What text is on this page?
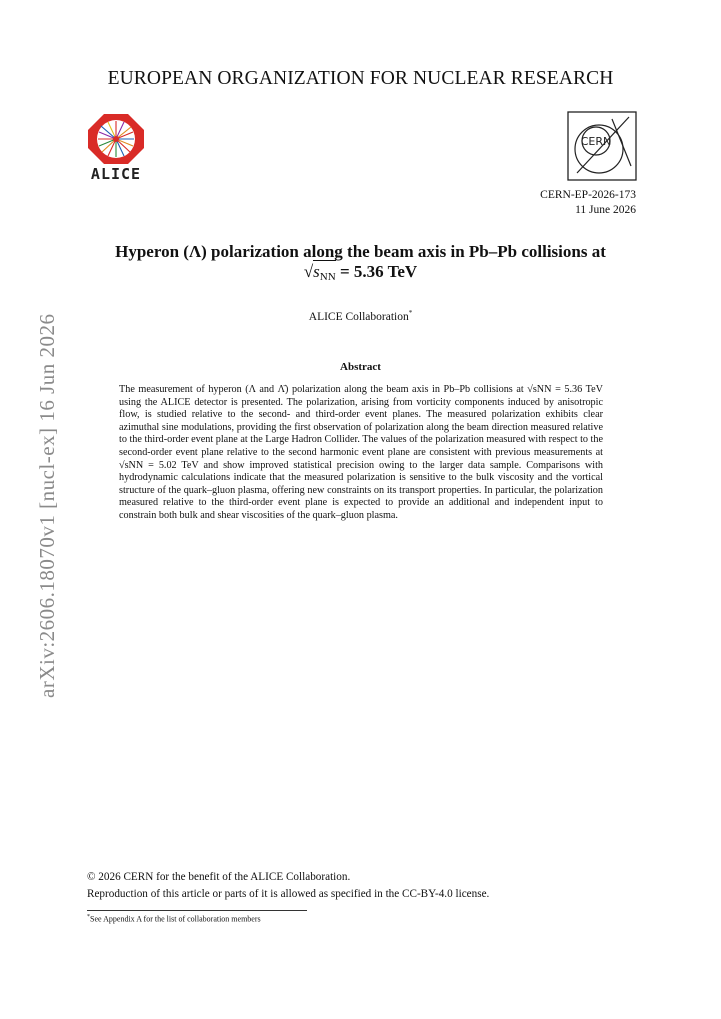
EUROPEAN ORGANIZATION FOR NUCLEAR RESEARCH
ALICE
CERN
CERN-EP-2026-173
11 June 2026
Hyperon (Λ) polarization along the beam axis in Pb–Pb collisions at
$√s_{NN} = 5.36$ TeV
ALICE Collaboration*
Abstract

The measurement of hyperon (Λ and Λ̄) polarization along the beam axis in Pb–Pb collisions at √sNN = 5.36 TeV using the ALICE detector is presented. The polarization, arising from vorticity components induced by anisotropic flow, is studied relative to the second- and third-order event planes. The measured polarization exhibits clear azimuthal sine modulations, providing the first observation of polarization along the beam direction measured relative to the third-order event plane at the Large Hadron Collider. The values of the polarization measured with respect to the second-order event plane relative to the second harmonic event plane are consistent with previous measurements at √sNN = 5.02 TeV and show improved statistical precision owing to the larger data sample. Comparisons with hydrodynamic calculations indicate that the measured polarization is sensitive to the bulk viscosity and the vortical structure of the quark–gluon plasma, offering new constraints on its transport properties. In particular, the polarization measured relative to the third-order event plane is expected to provide an additional and independent input to constrain both bulk and shear viscosities of the quark–gluon plasma.

arXiv:2606.18070v1 [nucl-ex] 16 Jun 2026
© 2026 CERN for the benefit of the ALICE Collaboration.
Reproduction of this article or parts of it is allowed as specified in the CC-BY-4.0 license.
*See Appendix A for the list of collaboration members
